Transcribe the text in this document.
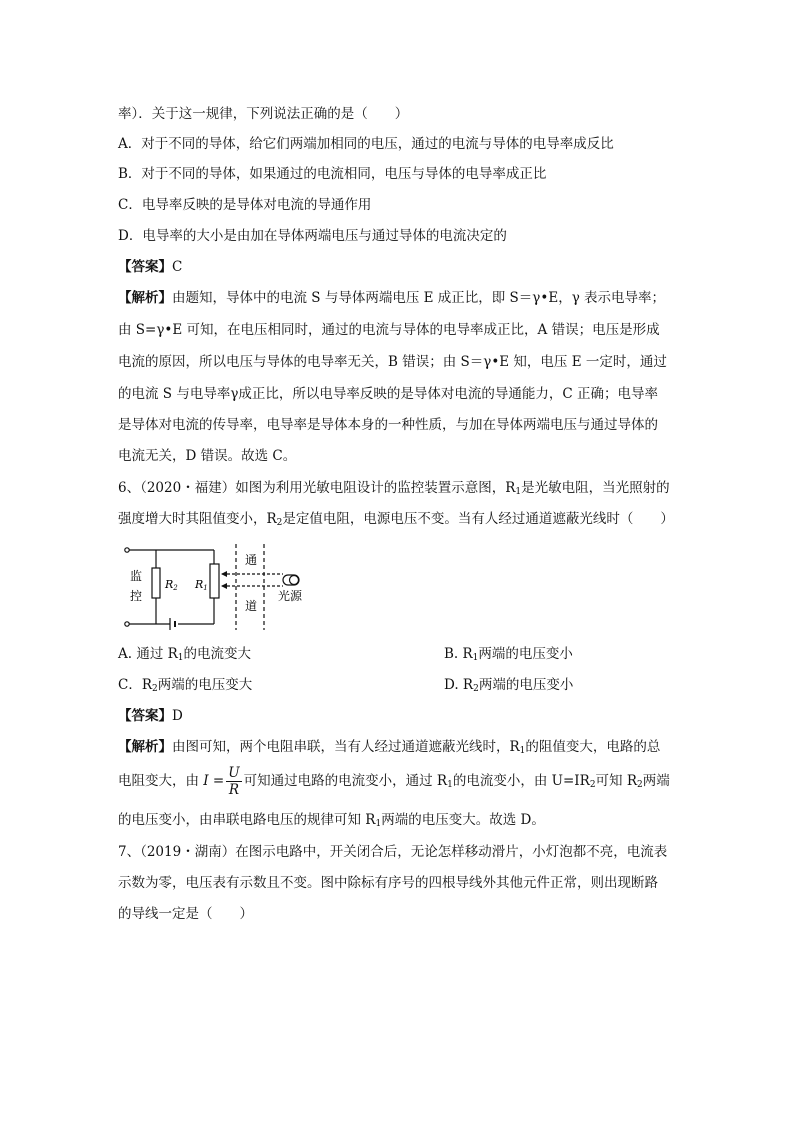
率）．关于这一规律，下列说法正确的是（　　）
A．对于不同的导体，给它们两端加相同的电压，通过的电流与导体的电导率成反比
B．对于不同的导体，如果通过的电流相同，电压与导体的电导率成正比
C．电导率反映的是导体对电流的导通作用
D．电导率的大小是由加在导体两端电压与通过导体的电流决定的
【答案】C
【解析】由题知，导体中的电流 S 与导体两端电压 E 成正比，即 S＝γ•E，γ 表示电导率；
由 S=γ•E 可知，在电压相同时，通过的电流与导体的电导率成正比，A 错误；电压是形成
电流的原因，所以电压与导体的电导率无关，B 错误；由 S＝γ•E 知，电压 E 一定时，通过
的电流 S 与电导率γ成正比，所以电导率反映的是导体对电流的导通能力，C 正确；电导率
是导体对电流的传导率，电导率是导体本身的一种性质，与加在导体两端电压与通过导体的
电流无关，D 错误。故选 C。
6、（2020・福建）如图为利用光敏电阻设计的监控装置示意图，$R_1$是光敏电阻，当光照射的
强度增大时其阻值变小，$R_2$是定值电阻，电源电压不变。当有人经过通道遮蔽光线时（　　）
监
控
R2 R1
通
道
光源
A. 通过 $R_1$的电流变大	B. $R_1$两端的电压变小
C．$R_2$两端的电压变大	D. $R_2$两端的电压变小
【答案】D
【解析】由图可知，两个电阻串联，当有人经过通道遮蔽光线时，$R_1$的阻值变大，电路的总
电阻变大，由 $I = \frac{U}{R}$ 可知通过电路的电流变小，通过 $R_1$的电流变小，由 $U=IR_2$可知 $R_2$两端
的电压变小，由串联电路电压的规律可知 $R_1$两端的电压变大。故选 D。
7、（2019・湖南）在图示电路中，开关闭合后，无论怎样移动滑片，小灯泡都不亮，电流表
示数为零，电压表有示数且不变。图中除标有序号的四根导线外其他元件正常，则出现断路
的导线一定是（　　）
